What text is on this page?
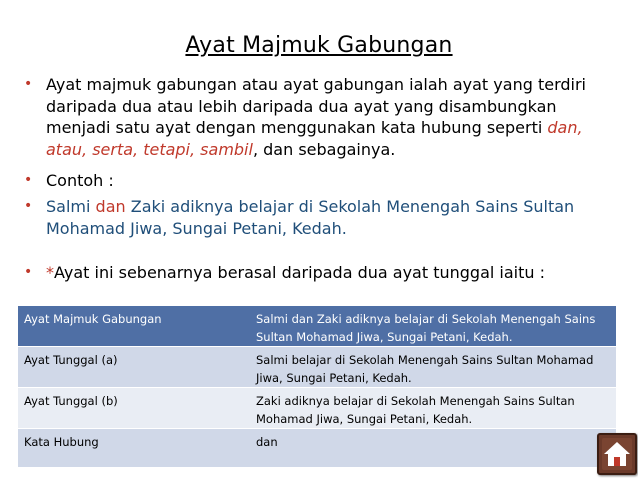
Ayat Majmuk Gabungan
• Ayat majmuk gabungan atau ayat gabungan ialah ayat yang terdiri daripada dua atau lebih daripada dua ayat yang disambungkan menjadi satu ayat dengan menggunakan kata hubung seperti dan, atau, serta, tetapi, sambil, dan sebagainya.
• Contoh :
• Salmi dan Zaki adiknya belajar di Sekolah Menengah Sains Sultan Mohamad Jiwa, Sungai Petani, Kedah.
• *Ayat ini sebenarnya berasal daripada dua ayat tunggal iaitu :
Ayat Majmuk Gabungan	Salmi dan Zaki adiknya belajar di Sekolah Menengah Sains Sultan Mohamad Jiwa, Sungai Petani, Kedah.
Ayat Tunggal (a)	Salmi belajar di Sekolah Menengah Sains Sultan Mohamad Jiwa, Sungai Petani, Kedah.
Ayat Tunggal (b)	Zaki adiknya belajar di Sekolah Menengah Sains Sultan Mohamad Jiwa, Sungai Petani, Kedah.
Kata Hubung	dan
